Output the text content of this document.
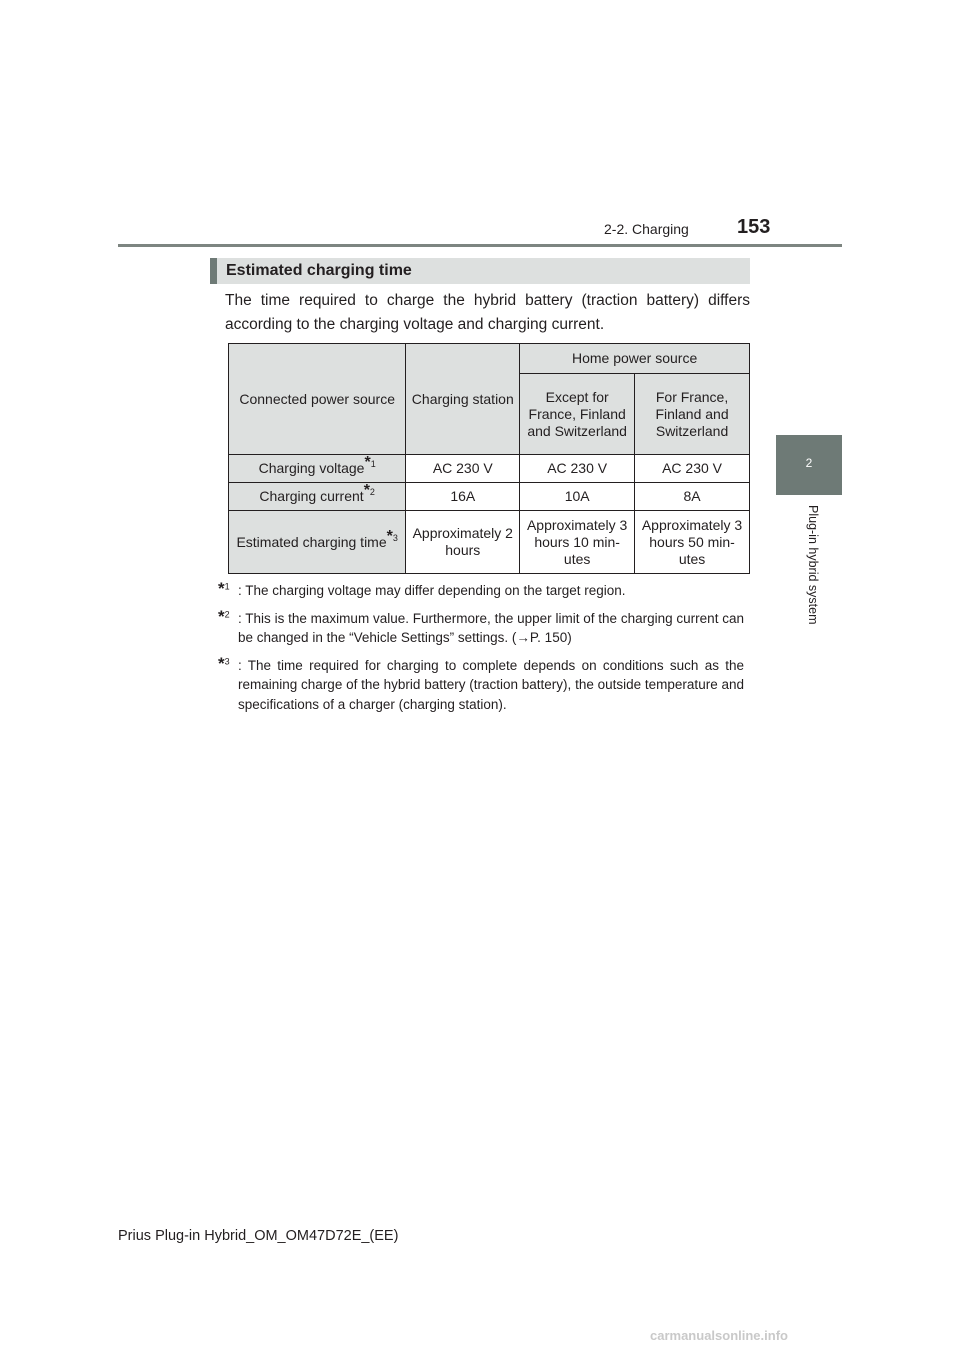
2-2. Charging 153
2
Plug-in hybrid system
Estimated charging time
The time required to charge the hybrid battery (traction battery) differs according to the charging voltage and charging current.
Connected power source	Charging station	Home power source	
		Except for France, Finland and Switzerland	For France, Finland and Switzerland
Charging voltage$^{*1}$	AC 230 V	AC 230 V	AC 230 V
Charging current$^{*2}$	16A	10A	8A
Estimated charging time$^{*3}$	Approximately 2 hours	Approximately 3 hours 10 min-utes	Approximately 3 hours 50 min-utes
*$^1$ : The charging voltage may differ depending on the target region.
*$^2$ : This is the maximum value. Furthermore, the upper limit of the charging current can be changed in the “Vehicle Settings” settings. (→P. 150)
*$^3$ : The time required for charging to complete depends on conditions such as the remaining charge of the hybrid battery (traction battery), the outside temperature and specifications of a charger (charging station).
Prius Plug-in Hybrid_OM_OM47D72E_(EE)
carmanualsonline.info
